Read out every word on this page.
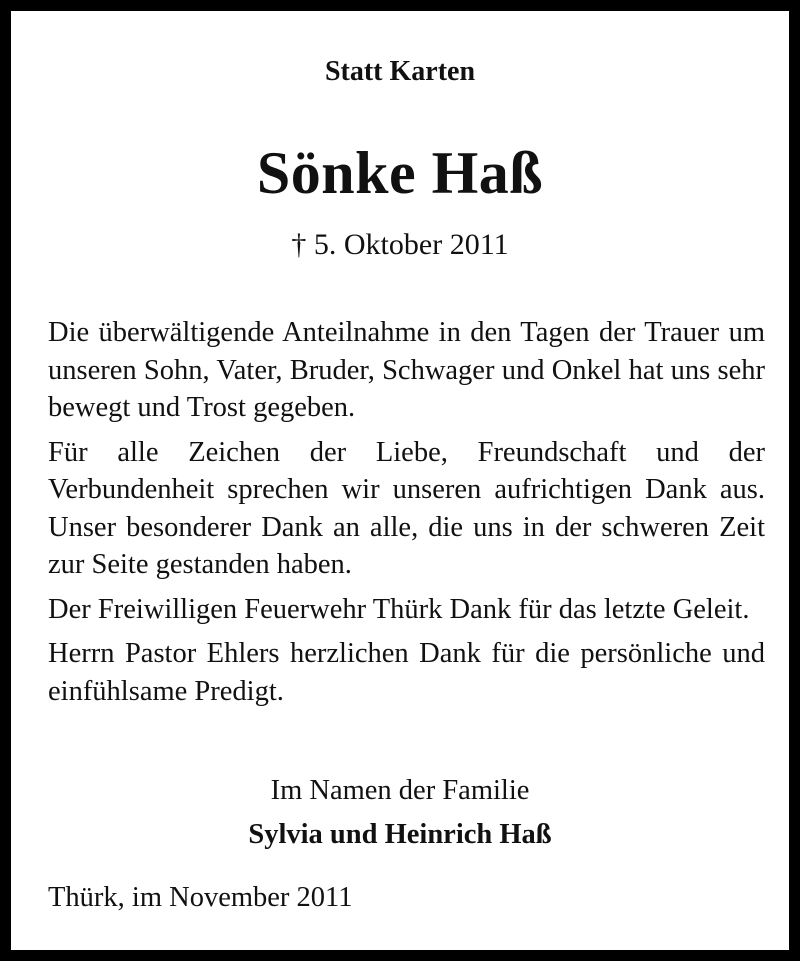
Statt Karten
Sönke Haß
† 5. Oktober 2011

Die überwältigende Anteilnahme in den Tagen der Trauer um unseren Sohn, Vater, Bruder, Schwager und Onkel hat uns sehr bewegt und Trost gegeben.

Für alle Zeichen der Liebe, Freundschaft und der Verbundenheit sprechen wir unseren aufrichtigen Dank aus. Unser besonderer Dank an alle, die uns in der schweren Zeit zur Seite gestanden haben.

Der Freiwilligen Feuerwehr Thürk Dank für das letzte Geleit.

Herrn Pastor Ehlers herzlichen Dank für die persönliche und einfühlsame Predigt.

Im Namen der Familie
Sylvia und Heinrich Haß
Thürk, im November 2011
